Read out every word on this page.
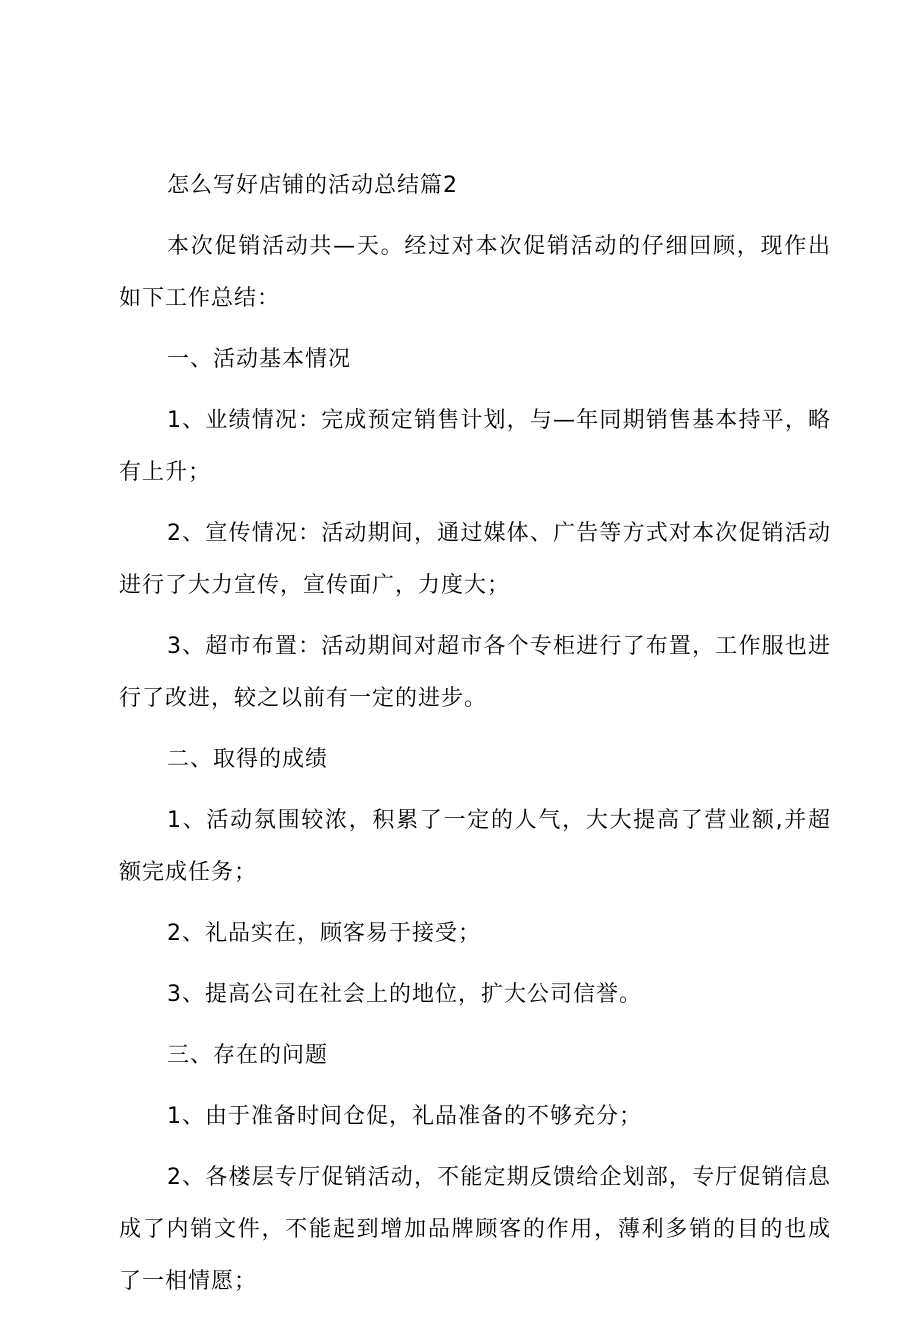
怎么写好店铺的活动总结篇2

本次促销活动共—天。经过对本次促销活动的仔细回顾，现作出如下工作总结：

一、活动基本情况

1、业绩情况：完成预定销售计划，与—年同期销售基本持平，略有上升；

2、宣传情况：活动期间，通过媒体、广告等方式对本次促销活动进行了大力宣传，宣传面广，力度大；

3、超市布置：活动期间对超市各个专柜进行了布置，工作服也进行了改进，较之以前有一定的进步。

二、取得的成绩

1、活动氛围较浓，积累了一定的人气，大大提高了营业额,并超额完成任务；

2、礼品实在，顾客易于接受；

3、提高公司在社会上的地位，扩大公司信誉。

三、存在的问题

1、由于准备时间仓促，礼品准备的不够充分；

2、各楼层专厅促销活动，不能定期反馈给企划部，专厅促销信息成了内销文件，不能起到增加品牌顾客的作用，薄利多销的目的也成了一相情愿；
